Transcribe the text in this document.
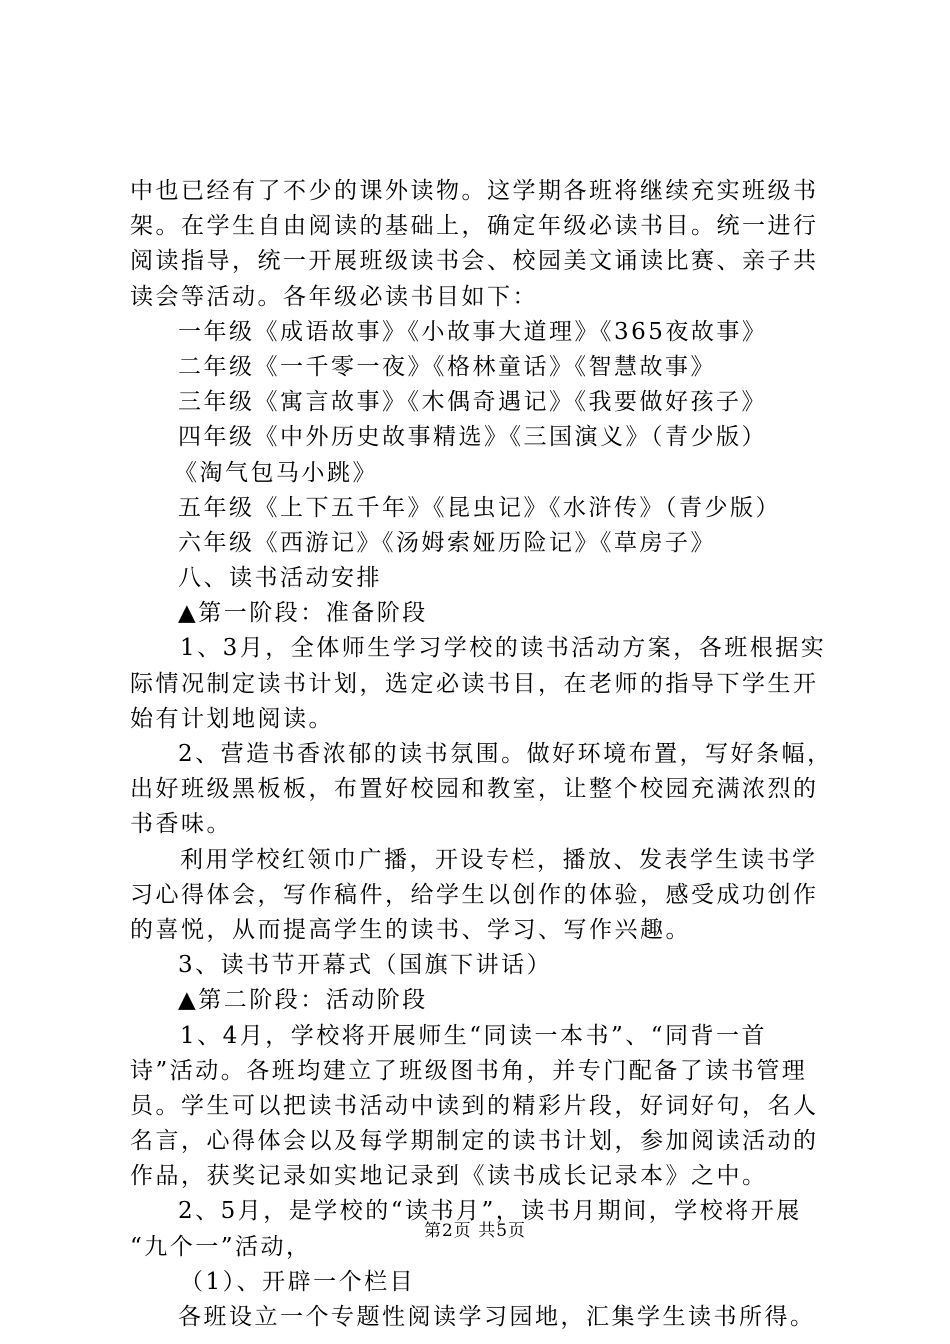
中也已经有了不少的课外读物。这学期各班将继续充实班级书
架。在学生自由阅读的基础上，确定年级必读书目。统一进行
阅读指导，统一开展班级读书会、校园美文诵读比赛、亲子共
读会等活动。各年级必读书目如下：
一年级《成语故事》《小故事大道理》《365夜故事》
二年级《一千零一夜》《格林童话》《智慧故事》
三年级《寓言故事》《木偶奇遇记》《我要做好孩子》
四年级《中外历史故事精选》《三国演义》（青少版）
《淘气包马小跳》
五年级《上下五千年》《昆虫记》《水浒传》（青少版）
六年级《西游记》《汤姆索娅历险记》《草房子》
八、读书活动安排
▲第一阶段：准备阶段
1、3月，全体师生学习学校的读书活动方案，各班根据实
际情况制定读书计划，选定必读书目，在老师的指导下学生开
始有计划地阅读。
2、营造书香浓郁的读书氛围。做好环境布置，写好条幅，
出好班级黑板板，布置好校园和教室，让整个校园充满浓烈的
书香味。
利用学校红领巾广播，开设专栏，播放、发表学生读书学
习心得体会，写作稿件，给学生以创作的体验，感受成功创作
的喜悦，从而提高学生的读书、学习、写作兴趣。
3、读书节开幕式（国旗下讲话）
▲第二阶段：活动阶段
1、4月，学校将开展师生“同读一本书”、“同背一首
诗”活动。各班均建立了班级图书角，并专门配备了读书管理
员。学生可以把读书活动中读到的精彩片段，好词好句，名人
名言，心得体会以及每学期制定的读书计划，参加阅读活动的
作品，获奖记录如实地记录到《读书成长记录本》之中。
2、5月，是学校的“读书月”，读书月期间，学校将开展
“九个一”活动，
（1）、开辟一个栏目
各班设立一个专题性阅读学习园地，汇集学生读书所得。
第2页 共5页
